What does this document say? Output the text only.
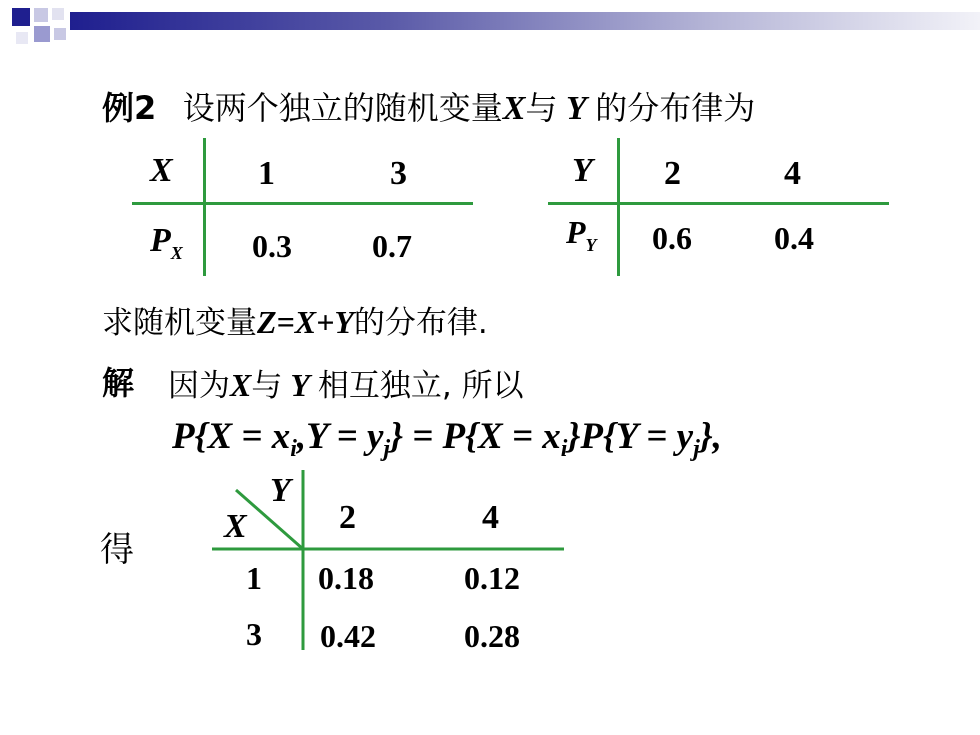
例2 设两个独立的随机变量X与 Y 的分布律为
X	1	3
$P_X$ 0.3	0.7
Y 2	4
$P_Y$ 0.6	0.4
求随机变量Z=X+Y的分布律.
解 因为X与 Y 相互独立, 所以
$P\{X = x_i,Y = y_j\} = P\{X = x_i\}P\{Y = y_j\}$,
得
Y
X	2	4
1 0.18	0.12
3 0.42	0.28
